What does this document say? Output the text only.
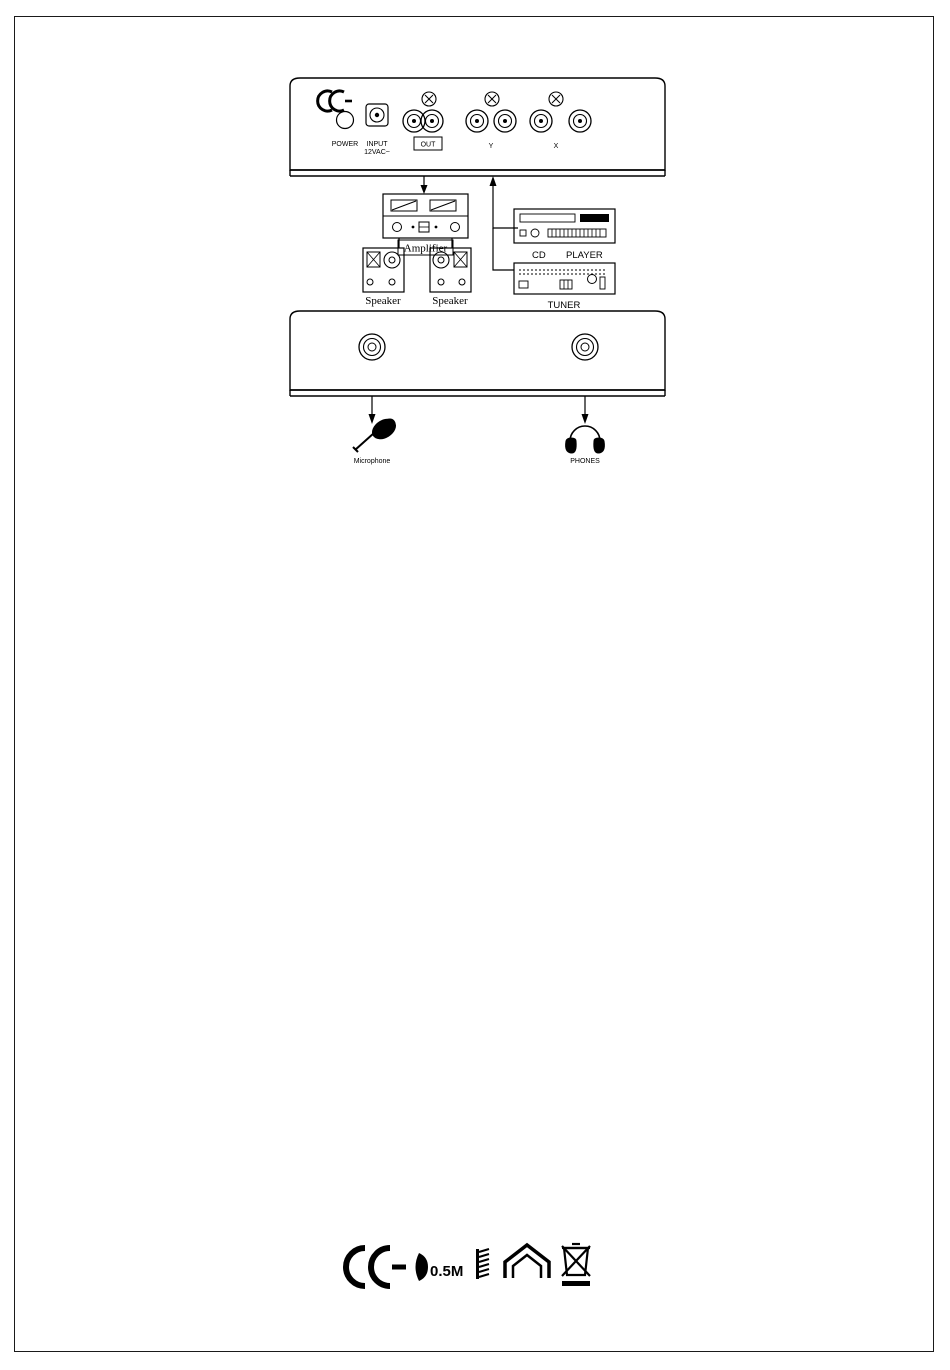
POWER INPUT
12VAC~
OUT	Y	X
Amplifier
Speaker	Speaker
CD PLAYER
TUNER
Microphone	PHONES
0.5M
